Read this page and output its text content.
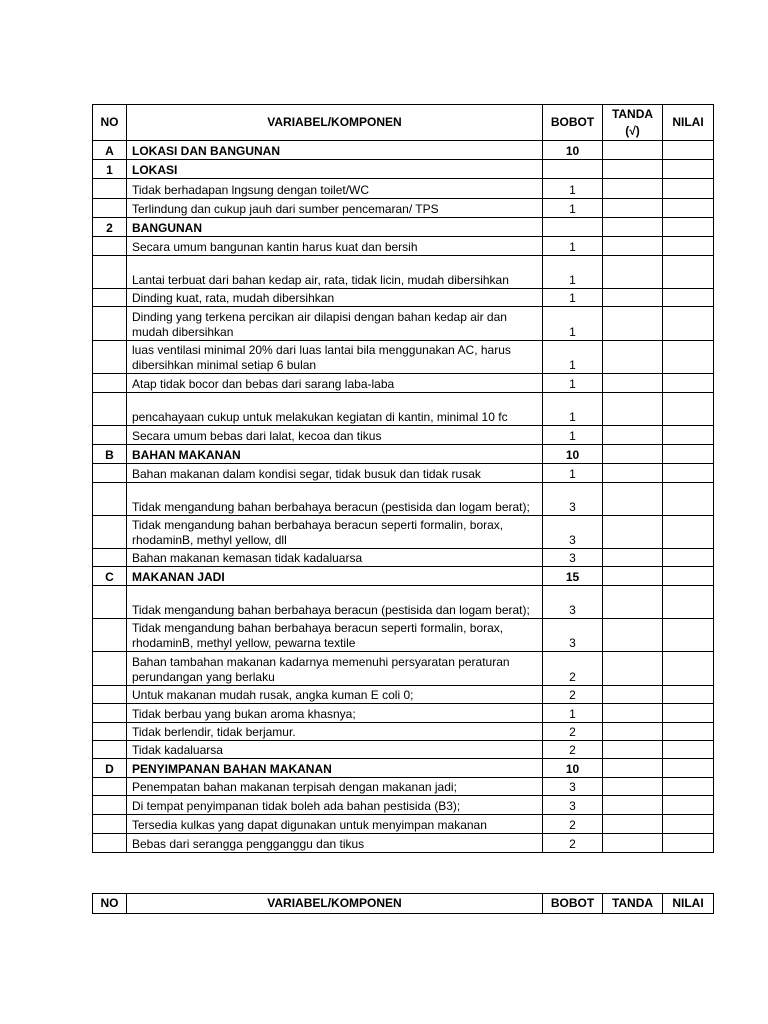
NO	VARIABEL/KOMPONEN	BOBOT	TANDA (√)	NILAI
A	LOKASI DAN BANGUNAN	10		
1	LOKASI			
	Tidak berhadapan lngsung dengan toilet/WC	1		
	Terlindung dan cukup jauh dari sumber pencemaran/ TPS	1		
2	BANGUNAN			
	Secara umum bangunan kantin harus kuat dan bersih	1		
	Lantai terbuat dari bahan kedap air, rata, tidak licin, mudah dibersihkan	1		
	Dinding kuat, rata, mudah dibersihkan	1		
	Dinding yang terkena percikan air dilapisi dengan bahan kedap air dan mudah dibersihkan	1		
	luas ventilasi minimal 20% dari luas lantai bila menggunakan AC, harus dibersihkan minimal setiap 6 bulan	1		
	Atap tidak bocor dan bebas dari sarang laba-laba	1		
	pencahayaan cukup untuk melakukan kegiatan di kantin, minimal 10 fc	1		
	Secara umum bebas dari lalat, kecoa dan tikus	1		
B	BAHAN MAKANAN	10		
	Bahan makanan dalam kondisi segar, tidak busuk dan tidak rusak	1		
	Tidak mengandung bahan berbahaya beracun (pestisida dan logam berat);	3		
	Tidak mengandung bahan berbahaya beracun seperti formalin, borax, rhodaminB, methyl yellow, dll	3		
	Bahan makanan kemasan tidak kadaluarsa	3		
C	MAKANAN JADI	15		
	Tidak mengandung bahan berbahaya beracun (pestisida dan logam berat);	3		
	Tidak mengandung bahan berbahaya beracun seperti formalin, borax, rhodaminB, methyl yellow, pewarna textile	3		
	Bahan tambahan makanan kadarnya memenuhi persyaratan peraturan perundangan yang berlaku	2		
	Untuk makanan mudah rusak, angka kuman E coli 0;	2		
	Tidak berbau yang bukan aroma khasnya;	1		
	Tidak berlendir, tidak berjamur.	2		
	Tidak kadaluarsa	2		
D	PENYIMPANAN BAHAN MAKANAN	10		
	Penempatan bahan makanan terpisah dengan makanan jadi;	3		
	Di tempat penyimpanan tidak boleh ada bahan pestisida (B3);	3		
	Tersedia kulkas yang dapat digunakan untuk menyimpan makanan	2		
	Bebas dari serangga pengganggu dan tikus	2		
NO	VARIABEL/KOMPONEN	BOBOT	TANDA	NILAI
